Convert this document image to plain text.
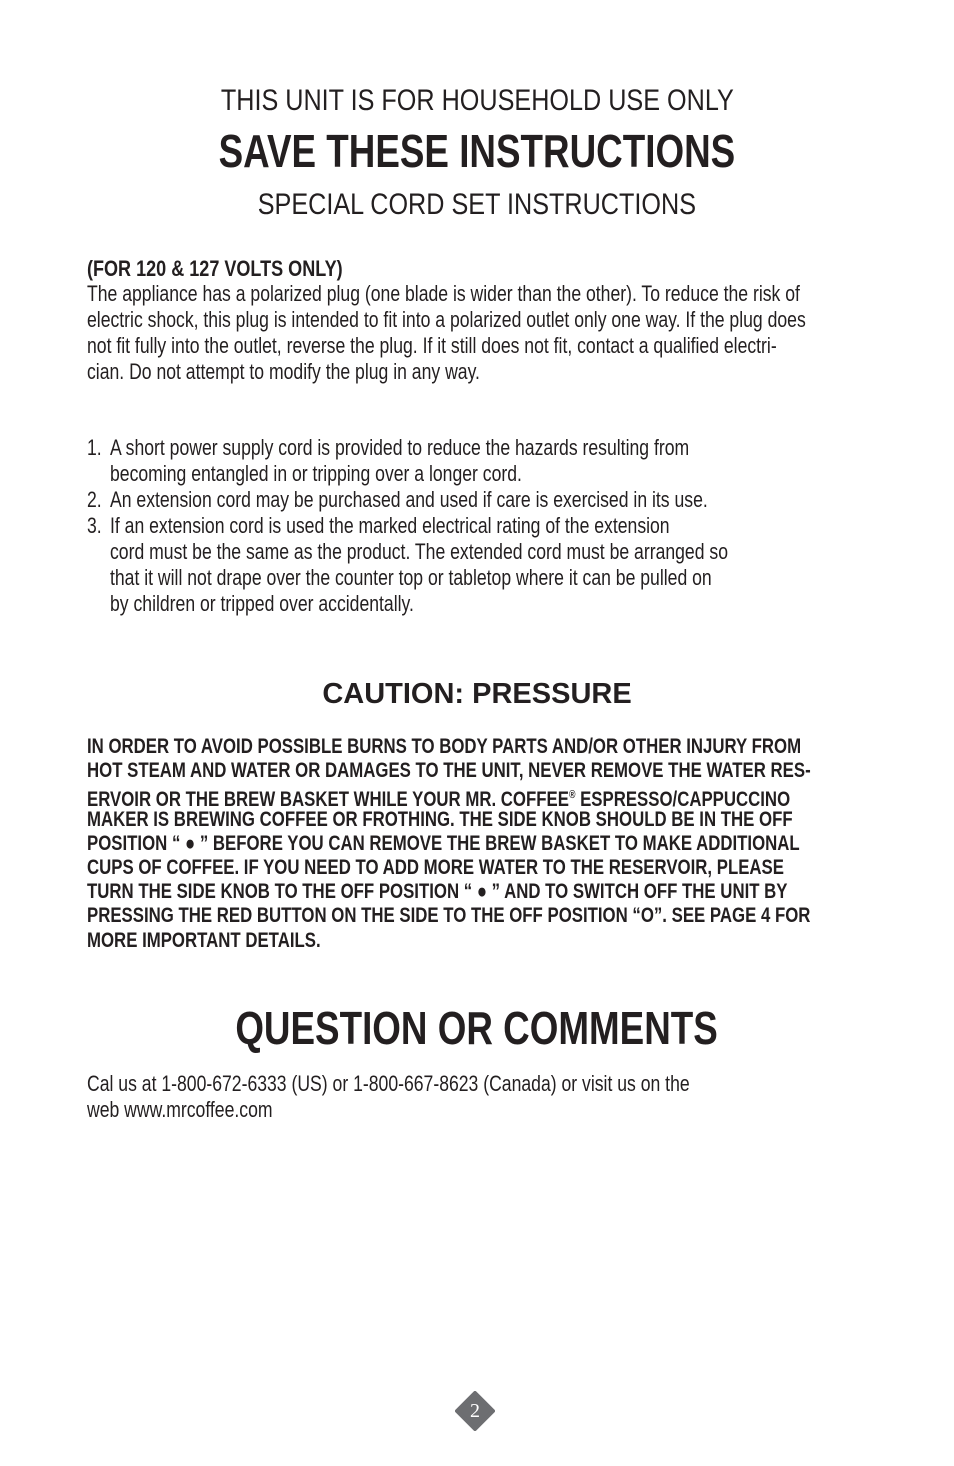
THIS UNIT IS FOR HOUSEHOLD USE ONLY
SAVE THESE INSTRUCTIONS
SPECIAL CORD SET INSTRUCTIONS
(FOR 120 & 127 VOLTS ONLY)
The appliance has a polarized plug (one blade is wider than the other). To reduce the risk of
electric shock, this plug is intended to fit into a polarized outlet only one way. If the plug does
not fit fully into the outlet, reverse the plug. If it still does not fit, contact a qualified electri-
cian. Do not attempt to modify the plug in any way.
1. A short power supply cord is provided to reduce the hazards resulting from
becoming entangled in or tripping over a longer cord.
2. An extension cord may be purchased and used if care is exercised in its use.
3. If an extension cord is used the marked electrical rating of the extension
cord must be the same as the product. The extended cord must be arranged so
that it will not drape over the counter top or tabletop where it can be pulled on
by children or tripped over accidentally.
CAUTION: PRESSURE
IN ORDER TO AVOID POSSIBLE BURNS TO BODY PARTS AND/OR OTHER INJURY FROM
HOT STEAM AND WATER OR DAMAGES TO THE UNIT, NEVER REMOVE THE WATER RES-
ERVOIR OR THE BREW BASKET WHILE YOUR MR. COFFEE® ESPRESSO/CAPPUCCINO
MAKER IS BREWING COFFEE OR FROTHING. THE SIDE KNOB SHOULD BE IN THE OFF
POSITION “ ● ” BEFORE YOU CAN REMOVE THE BREW BASKET TO MAKE ADDITIONAL
CUPS OF COFFEE. IF YOU NEED TO ADD MORE WATER TO THE RESERVOIR, PLEASE
TURN THE SIDE KNOB TO THE OFF POSITION “ ● ” AND TO SWITCH OFF THE UNIT BY
PRESSING THE RED BUTTON ON THE SIDE TO THE OFF POSITION “O”. SEE PAGE 4 FOR
MORE IMPORTANT DETAILS.
QUESTION OR COMMENTS
Cal us at 1-800-672-6333 (US) or 1-800-667-8623 (Canada) or visit us on the
web www.mrcoffee.com
2
